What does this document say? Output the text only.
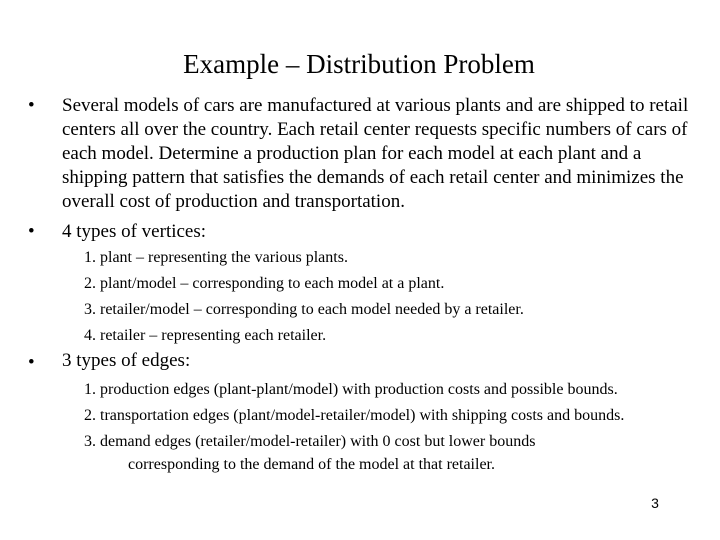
Example – Distribution Problem
• Several models of cars are manufactured at various plants and are shipped to retail centers all over the country. Each retail center requests specific numbers of cars of each model. Determine a production plan for each model at each plant and a shipping pattern that satisfies the demands of each retail center and minimizes the overall cost of production and transportation.
• 4 types of vertices:
1. plant – representing the various plants.
2. plant/model – corresponding to each model at a plant.
3. retailer/model – corresponding to each model needed by a retailer.
4. retailer – representing each retailer.
• 3 types of edges:
1. production edges (plant-plant/model) with production costs and possible bounds.
2. transportation edges (plant/model-retailer/model) with shipping costs and bounds.
3. demand edges (retailer/model-retailer) with 0 cost but lower bounds
corresponding to the demand of the model at that retailer.
3
